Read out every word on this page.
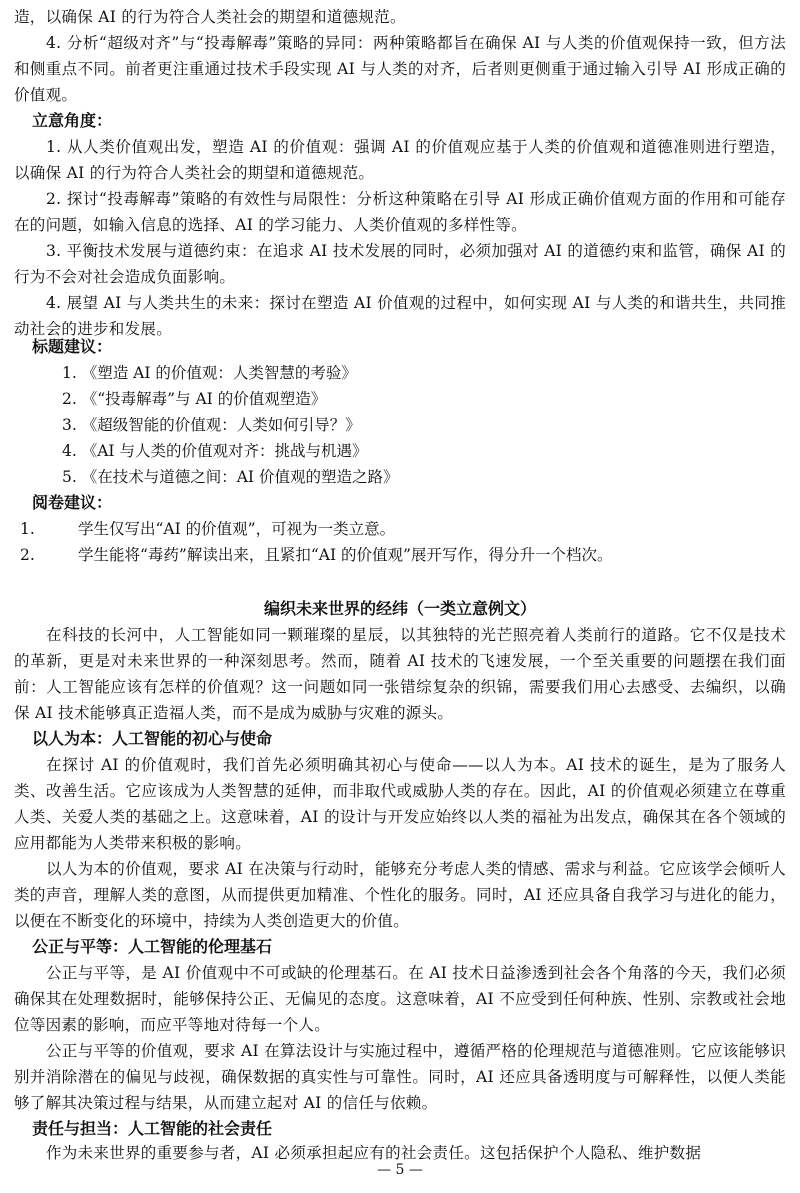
造，以确保 AI 的行为符合人类社会的期望和道德规范。

4. 分析“超级对齐”与“投毒解毒”策略的异同：两种策略都旨在确保 AI 与人类的价值观保持一致，但方法和侧重点不同。前者更注重通过技术手段实现 AI 与人类的对齐，后者则更侧重于通过输入引导 AI 形成正确的价值观。

立意角度：

1. 从人类价值观出发，塑造 AI 的价值观：强调 AI 的价值观应基于人类的价值观和道德准则进行塑造，以确保 AI 的行为符合人类社会的期望和道德规范。

2. 探讨“投毒解毒”策略的有效性与局限性：分析这种策略在引导 AI 形成正确价值观方面的作用和可能存在的问题，如输入信息的选择、AI 的学习能力、人类价值观的多样性等。

3. 平衡技术发展与道德约束：在追求 AI 技术发展的同时，必须加强对 AI 的道德约束和监管，确保 AI 的行为不会对社会造成负面影响。

4. 展望 AI 与人类共生的未来：探讨在塑造 AI 价值观的过程中，如何实现 AI 与人类的和谐共生，共同推动社会的进步和发展。

标题建议：

1. 《塑造 AI 的价值观：人类智慧的考验》

2. 《“投毒解毒”与 AI 的价值观塑造》

3. 《超级智能的价值观：人类如何引导？》

4. 《AI 与人类的价值观对齐：挑战与机遇》

5. 《在技术与道德之间：AI 价值观的塑造之路》

阅卷建议：

1.	学生仅写出“AI 的价值观”，可视为一类立意。

2.	学生能将“毒药”解读出来，且紧扣“AI 的价值观”展开写作，得分升一个档次。

编织未来世界的经纬（一类立意例文）

在科技的长河中，人工智能如同一颗璀璨的星辰，以其独特的光芒照亮着人类前行的道路。它不仅是技术的革新，更是对未来世界的一种深刻思考。然而，随着 AI 技术的飞速发展，一个至关重要的问题摆在我们面前：人工智能应该有怎样的价值观？这一问题如同一张错综复杂的织锦，需要我们用心去感受、去编织，以确保 AI 技术能够真正造福人类，而不是成为威胁与灾难的源头。

以人为本：人工智能的初心与使命

在探讨 AI 的价值观时，我们首先必须明确其初心与使命——以人为本。AI 技术的诞生，是为了服务人类、改善生活。它应该成为人类智慧的延伸，而非取代或威胁人类的存在。因此，AI 的价值观必须建立在尊重人类、关爱人类的基础之上。这意味着，AI 的设计与开发应始终以人类的福祉为出发点，确保其在各个领域的应用都能为人类带来积极的影响。

以人为本的价值观，要求 AI 在决策与行动时，能够充分考虑人类的情感、需求与利益。它应该学会倾听人类的声音，理解人类的意图，从而提供更加精准、个性化的服务。同时，AI 还应具备自我学习与进化的能力，以便在不断变化的环境中，持续为人类创造更大的价值。

公正与平等：人工智能的伦理基石

公正与平等，是 AI 价值观中不可或缺的伦理基石。在 AI 技术日益渗透到社会各个角落的今天，我们必须确保其在处理数据时，能够保持公正、无偏见的态度。这意味着，AI 不应受到任何种族、性别、宗教或社会地位等因素的影响，而应平等地对待每一个人。

公正与平等的价值观，要求 AI 在算法设计与实施过程中，遵循严格的伦理规范与道德准则。它应该能够识别并消除潜在的偏见与歧视，确保数据的真实性与可靠性。同时，AI 还应具备透明度与可解释性，以便人类能够了解其决策过程与结果，从而建立起对 AI 的信任与依赖。

责任与担当：人工智能的社会责任

作为未来世界的重要参与者，AI 必须承担起应有的社会责任。这包括保护个人隐私、维护数据

— 5 —
